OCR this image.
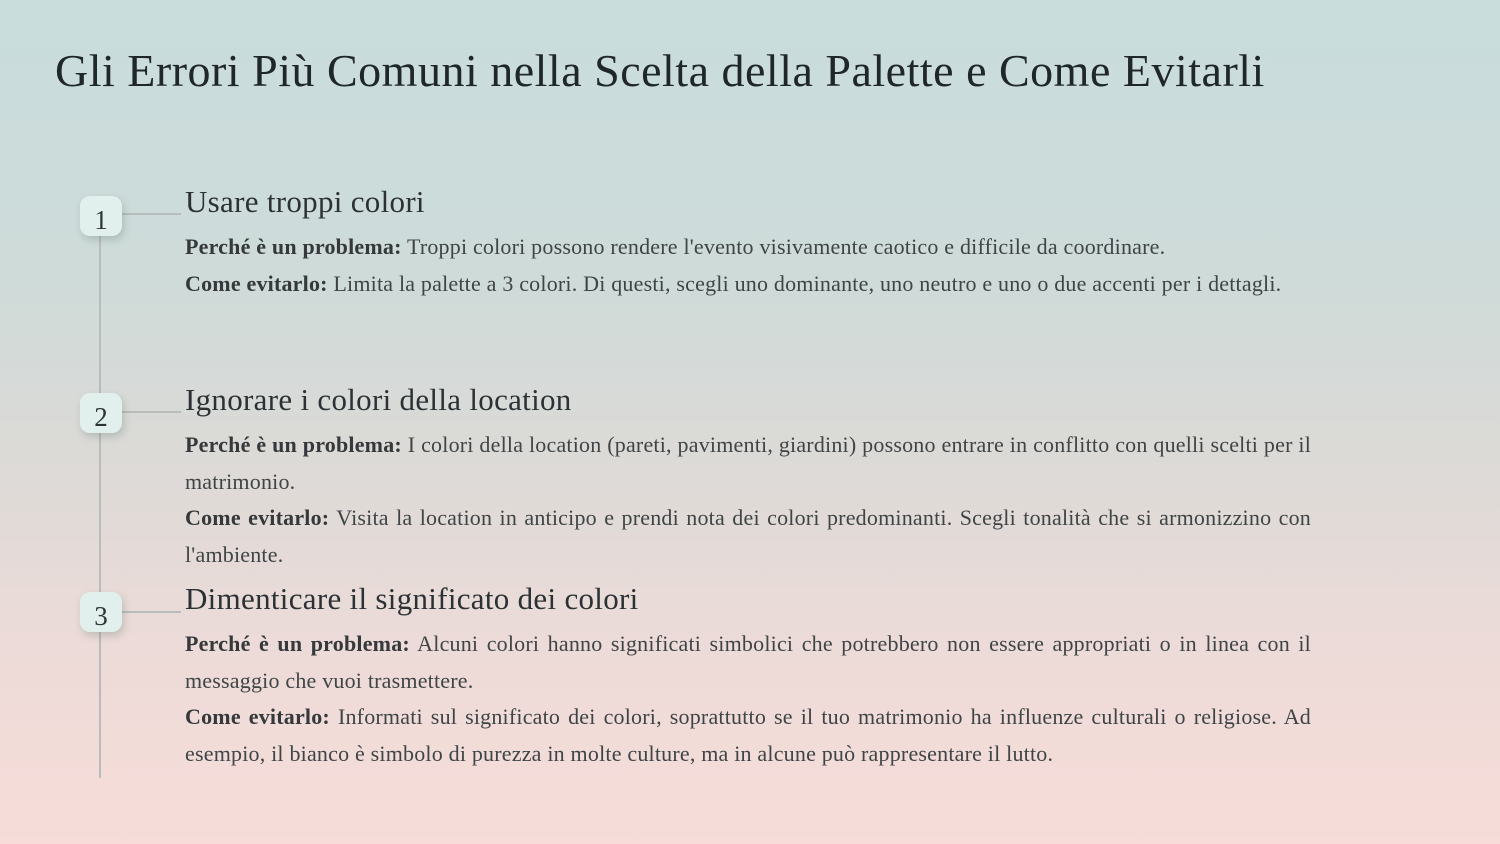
Gli Errori Più Comuni nella Scelta della Palette e Come Evitarli
1
Usare troppi colori

Perché è un problema: Troppi colori possono rendere l'evento visivamente caotico e difficile da coordinare.

Come evitarlo: Limita la palette a 3 colori. Di questi, scegli uno dominante, uno neutro e uno o due accenti per i dettagli.

2 Ignorare i colori della location

Perché è un problema: I colori della location (pareti, pavimenti, giardini) possono entrare in conflitto con quelli scelti per il matrimonio.

Come evitarlo: Visita la location in anticipo e prendi nota dei colori predominanti. Scegli tonalità che si armonizzino con l'ambiente.

3 Dimenticare il significato dei colori

Perché è un problema: Alcuni colori hanno significati simbolici che potrebbero non essere appropriati o in linea con il messaggio che vuoi trasmettere.

Come evitarlo: Informati sul significato dei colori, soprattutto se il tuo matrimonio ha influenze culturali o religiose. Ad esempio, il bianco è simbolo di purezza in molte culture, ma in alcune può rappresentare il lutto.
